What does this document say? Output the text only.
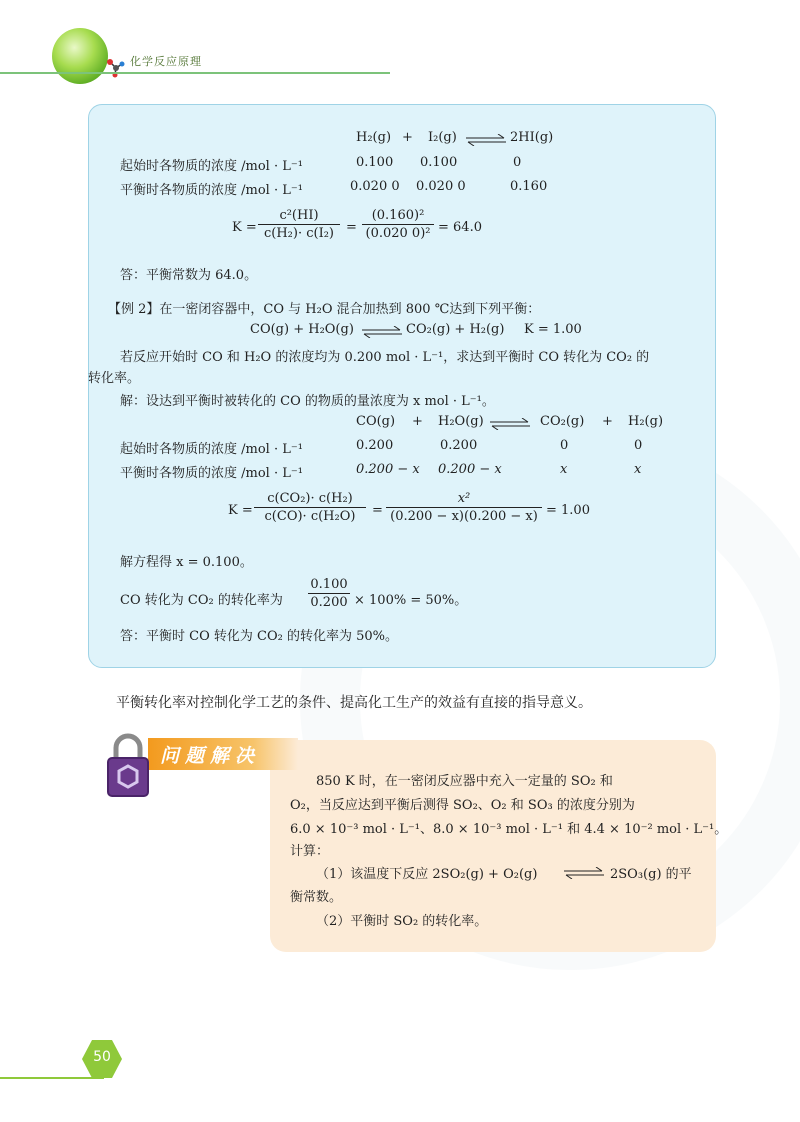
化学反应原理
H₂(g) + I₂(g) ⇌ 2HI(g)
起始时各物质的浓度 /mol · L⁻¹	0.100 0.100	0
平衡时各物质的浓度 /mol · L⁻¹	0.020 0 0.020 0	0.160
$K = \frac{\text{c²(HI)}}{\text{c(H₂)· c(I₂)}} = \frac{\text{(0.160)²}}{\text{(0.020 0)²}} = 64.0$
答：平衡常数为 64.0。
【例 2】在一密闭容器中，CO 与 H₂O 混合加热到 800 ℃达到下列平衡：
CO(g) + H₂O(g) ⇌ CO₂(g) + H₂(g) K = 1.00
若反应开始时 CO 和 H₂O 的浓度均为 0.200 mol · L⁻¹，求达到平衡时 CO 转化为 CO₂ 的
转化率。
解：设达到平衡时被转化的 CO 的物质的量浓度为 x mol · L⁻¹。
CO(g) + H₂O(g) ⇌ CO₂(g) + H₂(g)
起始时各物质的浓度 /mol · L⁻¹	0.200	0.200	0	0
平衡时各物质的浓度 /mol · L⁻¹	0.200 − x 0.200 − x	x	x
$K = \frac{\text{c(CO₂)· c(H₂)}}{\text{c(CO)· c(H₂O)}} = \frac{\text{x²}}{(0.200 - x)(0.200 - x)} = 1.00$
解方程得 x = 0.100。
CO 转化为 CO₂ 的转化率为 $\frac{0.100}{0.200} \times 100\% = 50\%$。
答：平衡时 CO 转化为 CO₂ 的转化率为 50%。
平衡转化率对控制化学工艺的条件、提高化工生产的效益有直接的指导意义。
问题解决
850 K 时，在一密闭反应器中充入一定量的 SO₂ 和
O₂，当反应达到平衡后测得 SO₂、O₂ 和 SO₃ 的浓度分别为
6.0 × 10⁻³ mol · L⁻¹、8.0 × 10⁻³ mol · L⁻¹ 和 4.4 × 10⁻² mol · L⁻¹。
计算：
（1）该温度下反应 2SO₂(g) + O₂(g) ⇌ 2SO₃(g) 的平
衡常数。
（2）平衡时 SO₂ 的转化率。
50
